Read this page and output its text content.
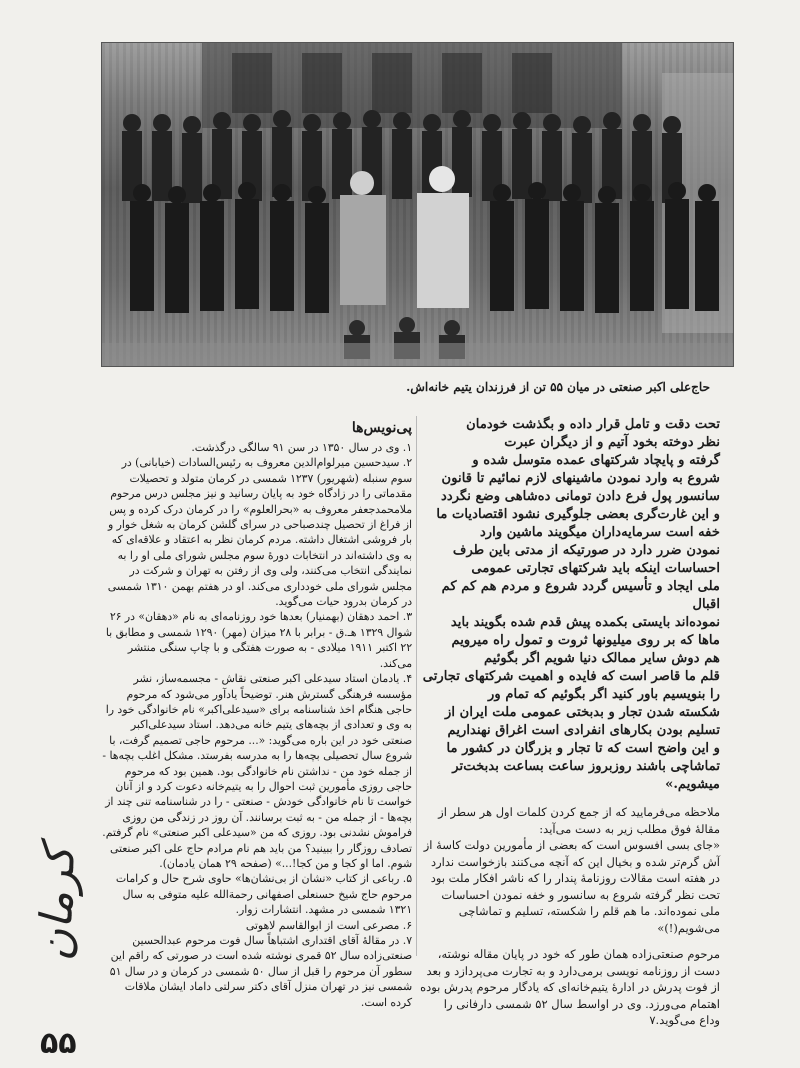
حاج‌علی اکبر صنعتی در میان ۵۵ تن از فرزندان یتیم خانه‌اش.

تحت دقت و تامل قرار داده و بگذشت خودمان

نظر دوخته بخود آتیم و از دیگران عبرت

گرفته و پایچاد شرکتهای عمده متوسل شده و

شروع به وارد نمودن ماشینهای لازم نمائیم تا قانون

سانسور پول فرع دادن تومانی ده‌شاهی وضع نگردد

و این غارت‌گری بعضی جلوگیری نشود اقتصادیات ما

خفه است سرمایه‌داران میگویند ماشین وارد

نمودن ضرر دارد در صورتیکه از مدتی باین طرف

احساسات اینکه باید شرکتهای تجارتی عمومی

ملی ایجاد و تأسیس گردد شروع و مردم هم کم کم اقبال

نموده‌اند بایستی بکمده پیش قدم شده بگویند باید

ماها که بر روی میلیونها ثروت و تمول راه میرویم

هم دوش سایر ممالک دنیا شویم اگر بگوئیم

قلم ما قاصر است که فایده و اهمیت شرکتهای تجارتی

را بنویسیم باور کنید اگر بگوئیم که تمام ور

شکسته شدن تجار و بدبختی عمومی ملت ایران از

تسلیم بودن بکارهای انفرادی است اغراق نهنداریم

و این واضح است که تا تجار و بزرگان در کشور ما

تماشاچی باشند روزبروز ساعت بساعت بدبخت‌تر

میشویم.»

ملاحظه می‌فرمایید که از جمع کردن کلمات اول هر سطر از مقالهٔ فوق مطلب زیر به دست می‌آید:

«جای بسی افسوس است که بعضی از مأمورین دولت کاسهٔ از آش گرم‌تر شده و بخیال این که آنچه می‌کنند بازخواست ندارد در هفته است مقالات روزنامهٔ پندار را که ناشر افکار ملت بود تحت نظر گرفته شروع به سانسور و خفه نمودن احساسات ملی نموده‌اند. ما هم قلم را شکسته، تسلیم و تماشاچی می‌شویم(!)»

مرحوم صنعتی‌زاده همان طور که خود در پایان مقاله نوشته، دست از روزنامه نویسی برمی‌دارد و به تجارت می‌پردازد و بعد از فوت پدرش در ادارهٔ یتیم‌خانه‌ای که یادگار مرحوم پدرش بوده اهتمام می‌ورزد. وی در اواسط سال ۵۲ شمسی دارفانی را وداع می‌گوید.۷

پی‌نویس‌ها

۱. وی در سال ۱۳۵۰ در سن ۹۱ سالگی درگذشت.

۲. سیدحسین میرلوام‌الدین معروف به رئیس‌السادات (خیابانی) در سوم سنبله (شهریور) ۱۲۳۷ شمسی در کرمان متولد و تحصیلات مقدماتی را در زادگاه خود به پایان رسانید و نیز مجلس درس مرحوم ملامحمدجعفر معروف به «بحرالعلوم» را در کرمان درک کرده و پس از فراغ از تحصیل چندصباحی در سرای گلشن کرمان به شغل خوار و بار فروشی اشتغال داشته. مردم کرمان نظر به اعتقاد و علاقه‌ای که به وی داشته‌اند در انتخابات دورهٔ سوم مجلس شورای ملی او را به نمایندگی انتخاب می‌کنند، ولی وی از رفتن به تهران و شرکت در مجلس شورای ملی خودداری می‌کند. او در هفتم بهمن ۱۳۱۰ شمسی در کرمان بدرود حیات می‌گوید.

۳. احمد دهقان (بهمنیار) بعدها خود روزنامه‌ای به نام «دهقان» در ۲۶ شوال ۱۳۲۹ هـ.ق - برابر با ۲۸ میزان (مهر) ۱۲۹۰ شمسی و مطابق با ۲۲ اکتبر ۱۹۱۱ میلادی - به صورت هفتگی و با چاپ سنگی منتشر می‌کند.

۴. یادمان استاد سیدعلی اکبر صنعتی نقاش - مجسمه‌ساز، نشر مؤسسه فرهنگی گسترش هنر. توضیحاً یادآور می‌شود که مرحوم حاجی هنگام اخذ شناسنامه برای «سیدعلی‌اکبر» نام خانوادگی خود را به وی و تعدادی از بچه‌های یتیم خانه می‌دهد. استاد سیدعلی‌اکبر صنعتی خود در این باره می‌گوید: «... مرحوم حاجی تصمیم گرفت، با شروع سال تحصیلی بچه‌ها را به مدرسه بفرستد. مشکل اغلب بچه‌ها - از جمله خود من - نداشتن نام خانوادگی بود. همین بود که مرحوم حاجی روزی مأمورین ثبت احوال را به یتیم‌خانه دعوت کرد و از آنان خواست تا نام خانوادگی خودش - صنعتی - را در شناسنامه تنی چند از بچه‌ها - از جمله من - به ثبت برسانند. آن روز در زندگی من روزی فراموش نشدنی بود. روزی که من «سیدعلی اکبر صنعتی» نام گرفتم. تصادف روزگار را ببینید؟ من باید هم نام مرادم حاج علی اکبر صنعتی شوم. اما او کجا و من کجا!...» (صفحه ۲۹ همان یادمان).

۵. رباعی از کتاب «نشان از بی‌نشان‌ها» حاوی شرح حال و کرامات مرحوم حاج شیخ حسنعلی اصفهانی رحمة‌الله علیه متوفی به سال ۱۳۲۱ شمسی در مشهد. انتشارات زوار.

۶. مصرعی است از ابوالقاسم لاهوتی

۷. در مقالهٔ آقای اقتداری اشتباهاً سال فوت مرحوم عبدالحسین صنعتی‌زاده سال ۵۲ قمری نوشته شده است در صورتی که راقم این سطور آن مرحوم را قبل از سال ۵۰ شمسی در کرمان و در سال ۵۱ شمسی نیز در تهران منزل آقای دکتر سرلتی داماد ایشان ملاقات کرده است.

کرمان
۵۵
